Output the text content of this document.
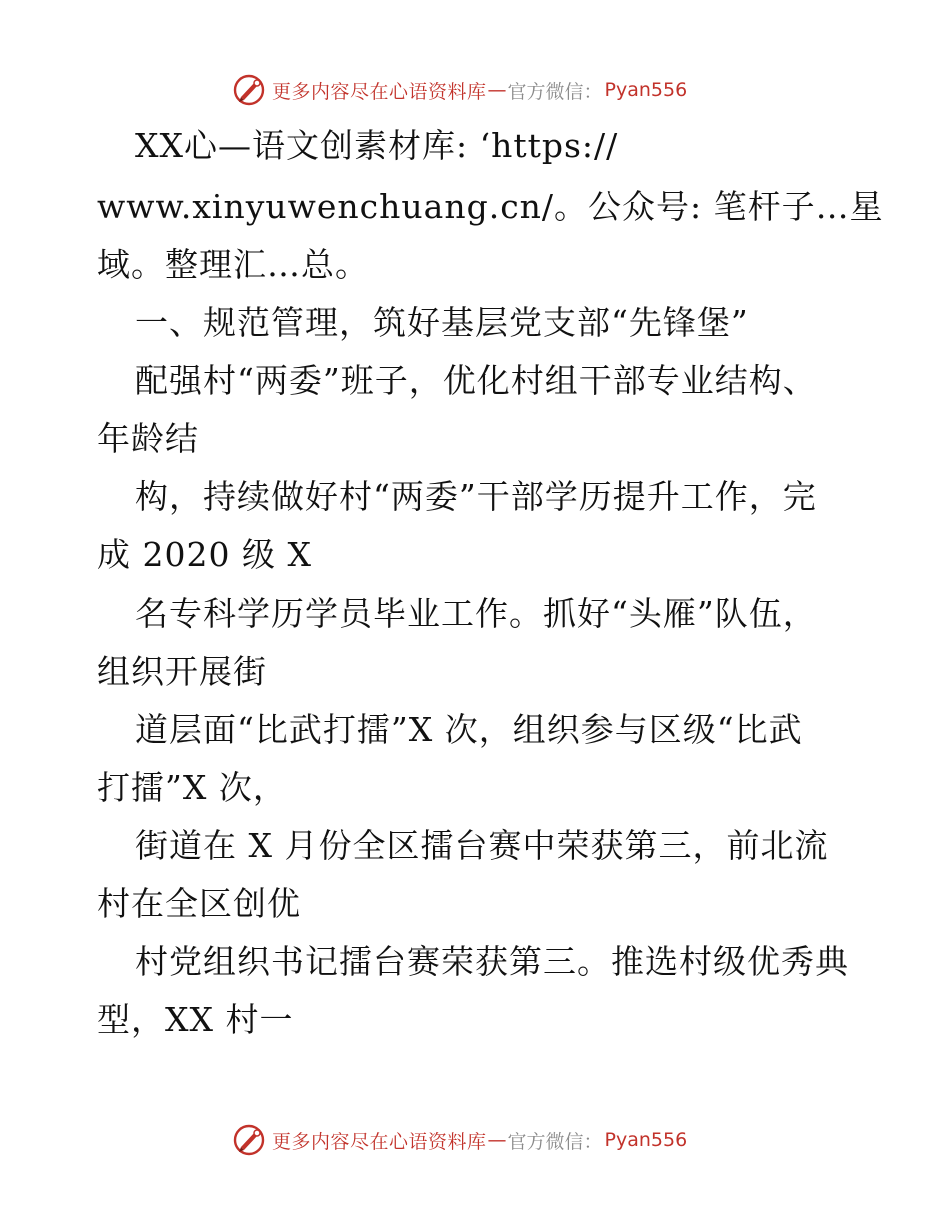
更多内容尽在心语资料库 — 官方微信： Pyan556
XX心—语文创素材库: ‘https://
www.xinyuwenchuang.cn/。公众号: 笔杆子…星
域。整理汇…总。
一、规范管理，筑好基层党支部“先锋堡”
配强村“两委”班子，优化村组干部专业结构、
年龄结
构，持续做好村“两委”干部学历提升工作，完
成 2020 级 X
名专科学历学员毕业工作。抓好“头雁”队伍，
组织开展街
道层面“比武打擂”X 次，组织参与区级“比武
打擂”X 次，
街道在 X 月份全区擂台赛中荣获第三，前北流
村在全区创优
村党组织书记擂台赛荣获第三。推选村级优秀典
型，XX 村一
更多内容尽在心语资料库 — 官方微信： Pyan556
